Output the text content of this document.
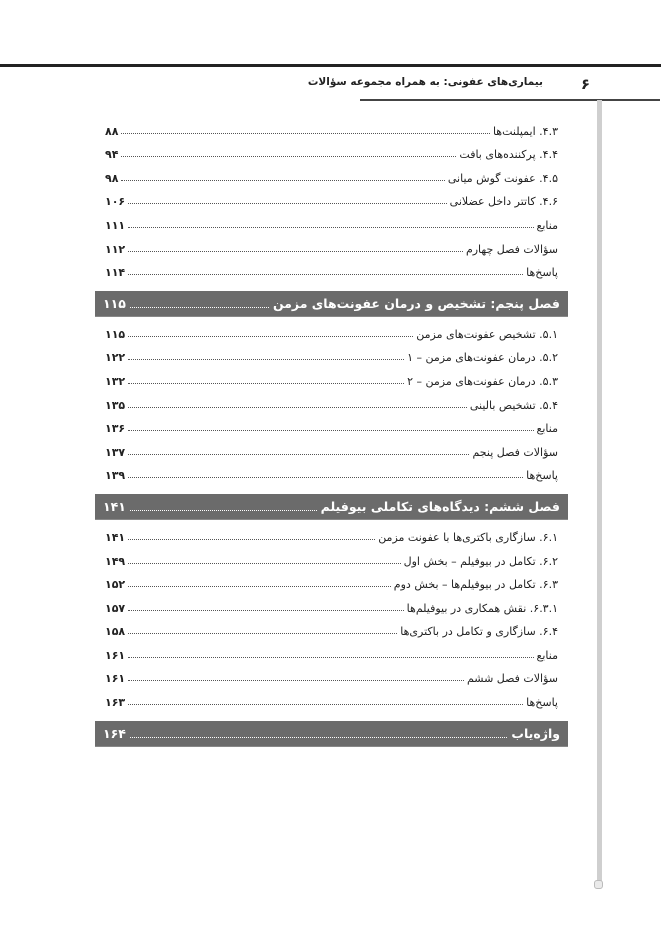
۶
بیماری‌های عفونی: به همراه مجموعه سؤالات
۴.۳. ایمپلنت‌ها
۸۸
۴.۴. پرکننده‌های بافت
۹۴
۴.۵. عفونت گوش میانی
۹۸
۴.۶. کاتتر داخل عضلانی
۱۰۶
منابع
۱۱۱
سؤالات فصل چهارم
۱۱۲
پاسخ‌ها
۱۱۴
فصل پنجم: تشخیص و درمان عفونت‌های مزمن
۱۱۵
۵.۱. تشخیص عفونت‌های مزمن
۱۱۵
۵.۲. درمان عفونت‌های مزمن – ۱
۱۲۲
۵.۳. درمان عفونت‌های مزمن – ۲
۱۳۲
۵.۴. تشخیص بالینی
۱۳۵
منابع
۱۳۶
سؤالات فصل پنجم
۱۳۷
پاسخ‌ها
۱۳۹
فصل ششم: دیدگاه‌های تکاملی بیوفیلم
۱۴۱
۶.۱. سازگاری باکتری‌ها با عفونت مزمن
۱۴۱
۶.۲. تکامل در بیوفیلم – بخش اول
۱۴۹
۶.۳. تکامل در بیوفیلم‌ها – بخش دوم
۱۵۲
۶.۳.۱. نقش همکاری در بیوفیلم‌ها
۱۵۷
۶.۴. سازگاری و تکامل در باکتری‌ها
۱۵۸
منابع
۱۶۱
سؤالات فصل ششم
۱۶۱
پاسخ‌ها
۱۶۳
واژه‌یاب
۱۶۴
